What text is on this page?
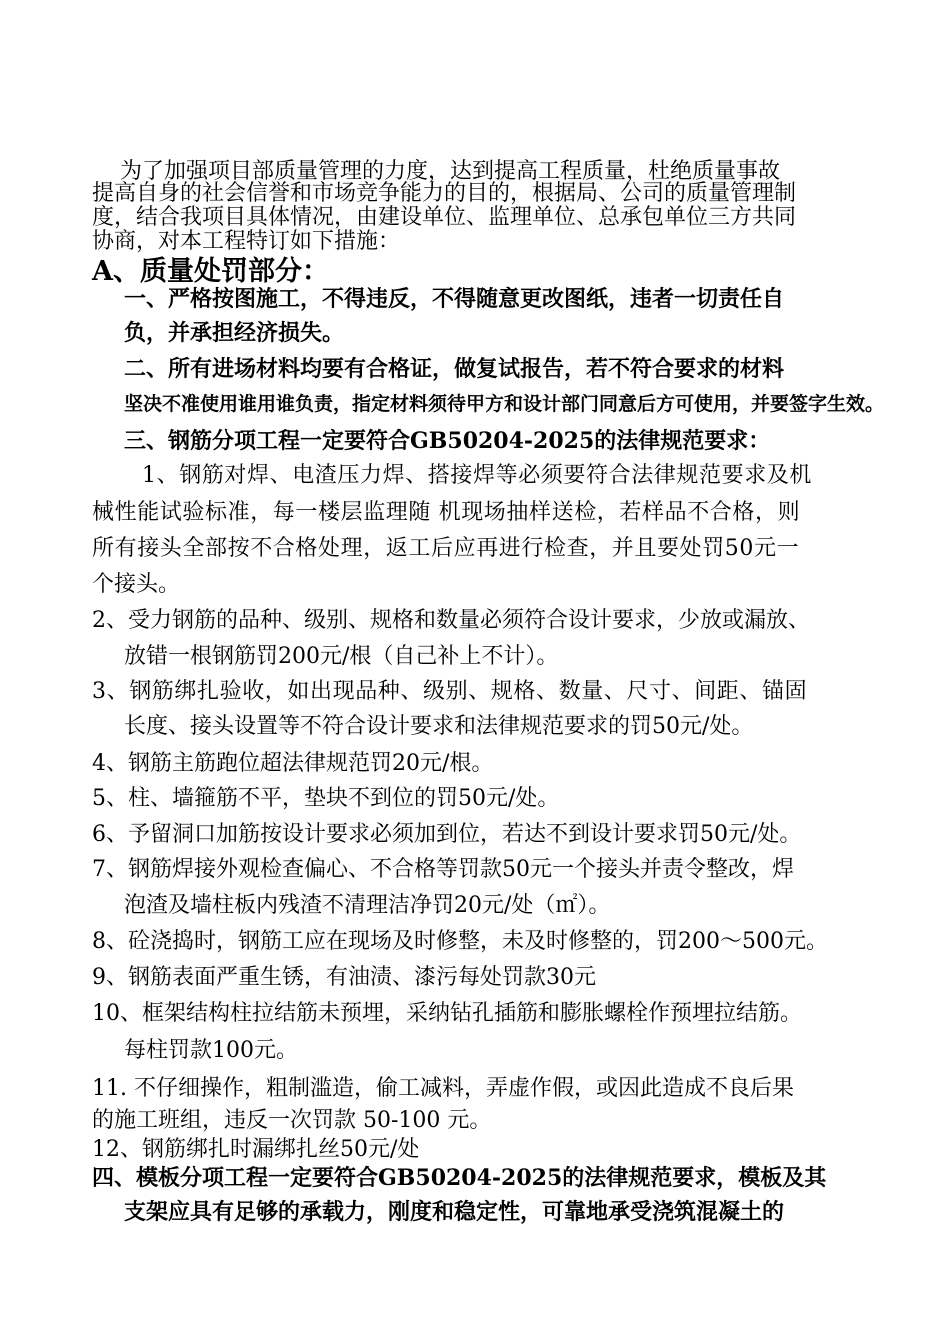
为了加强项目部质量管理的力度，达到提高工程质量，杜绝质量事故
提高自身的社会信誉和市场竞争能力的目的，根据局、公司的质量管理制
度，结合我项目具体情况，由建设单位、监理单位、总承包单位三方共同
协商，对本工程特订如下措施：
A、质量处罚部分：
一、严格按图施工，不得违反，不得随意更改图纸，违者一切责任自
负，并承担经济损失。
二、所有进场材料均要有合格证，做复试报告，若不符合要求的材料
坚决不准使用谁用谁负责，指定材料须待甲方和设计部门同意后方可使用，并要签字生效。
三、钢筋分项工程一定要符合GB50204-2025的法律规范要求：
1、钢筋对焊、电渣压力焊、搭接焊等必须要符合法律规范要求及机
械性能试验标准，每一楼层监理随 机现场抽样送检，若样品不合格，则
所有接头全部按不合格处理，返工后应再进行检查，并且要处罚50元一
个接头。
2、受力钢筋的品种、级别、规格和数量必须符合设计要求，少放或漏放、
放错一根钢筋罚200元/根（自己补上不计）。
3、钢筋绑扎验收，如出现品种、级别、规格、数量、尺寸、间距、锚固
长度、接头设置等不符合设计要求和法律规范要求的罚50元/处。
4、钢筋主筋跑位超法律规范罚20元/根。
5、柱、墙箍筋不平，垫块不到位的罚50元/处。
6、予留洞口加筋按设计要求必须加到位，若达不到设计要求罚50元/处。
7、钢筋焊接外观检查偏心、不合格等罚款50元一个接头并责令整改，焊
泡渣及墙柱板内残渣不清理洁净罚20元/处（㎡）。
8、砼浇捣时，钢筋工应在现场及时修整，未及时修整的，罚200～500元。
9、钢筋表面严重生锈，有油渍、漆污每处罚款30元
10、框架结构柱拉结筋未预埋，采纳钻孔插筋和膨胀螺栓作预埋拉结筋。
每柱罚款100元。
11. 不仔细操作，粗制滥造，偷工减料，弄虚作假，或因此造成不良后果
的施工班组，违反一次罚款 50-100 元。
12、钢筋绑扎时漏绑扎丝50元/处
四、模板分项工程一定要符合GB50204-2025的法律规范要求，模板及其
支架应具有足够的承载力，刚度和稳定性，可靠地承受浇筑混凝土的
